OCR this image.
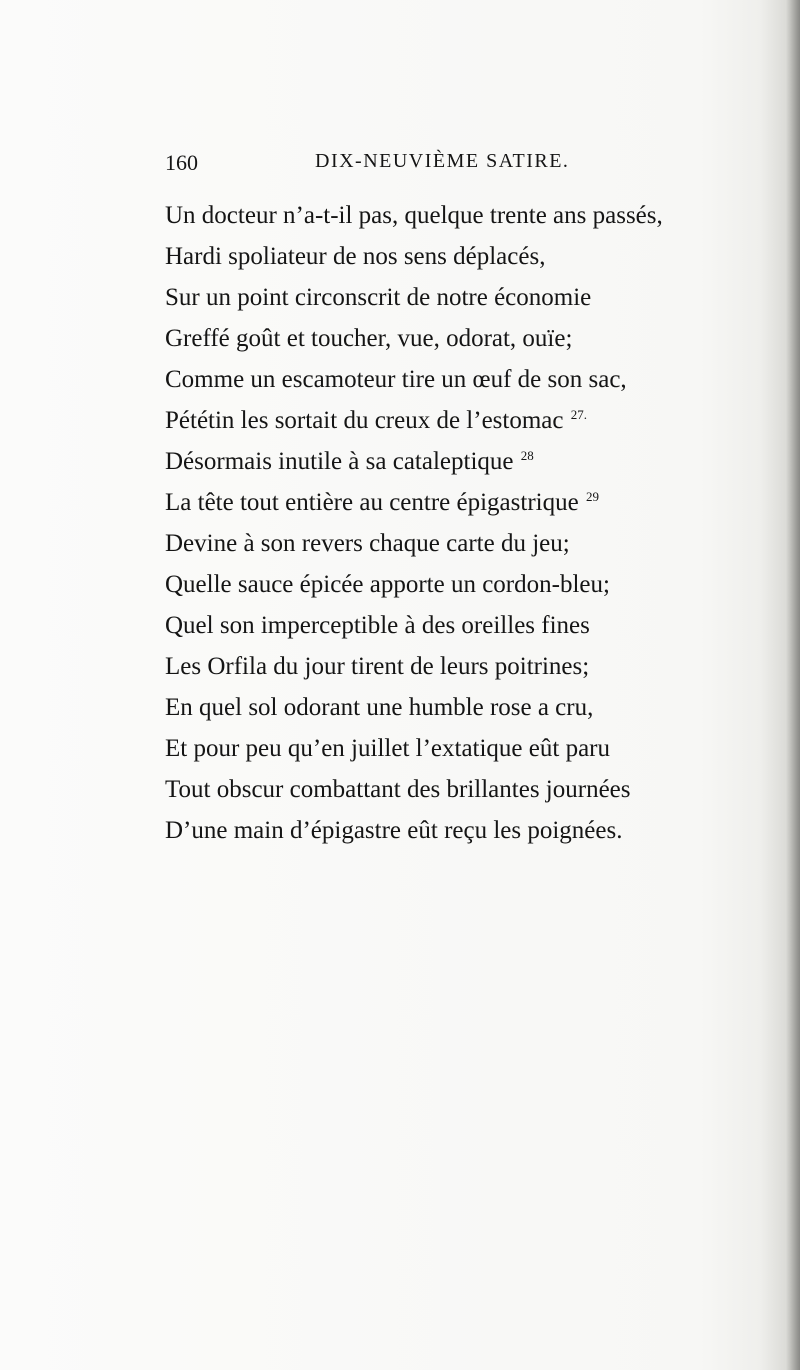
160	DIX-NEUVIÈME SATIRE.
Un docteur n’a-t-il pas, quelque trente ans passés,
Hardi spoliateur de nos sens déplacés,
Sur un point circonscrit de notre économie
Greffé goût et toucher, vue, odorat, ouïe;
Comme un escamoteur tire un œuf de son sac,
Pététin les sortait du creux de l’estomac $^{27.}$
Désormais inutile à sa cataleptique $^{28}$
La tête tout entière au centre épigastrique $^{29}$
Devine à son revers chaque carte du jeu;
Quelle sauce épicée apporte un cordon-bleu;
Quel son imperceptible à des oreilles fines
Les Orfila du jour tirent de leurs poitrines;
En quel sol odorant une humble rose a cru,
Et pour peu qu’en juillet l’extatique eût paru
Tout obscur combattant des brillantes journées
D’une main d’épigastre eût reçu les poignées.
